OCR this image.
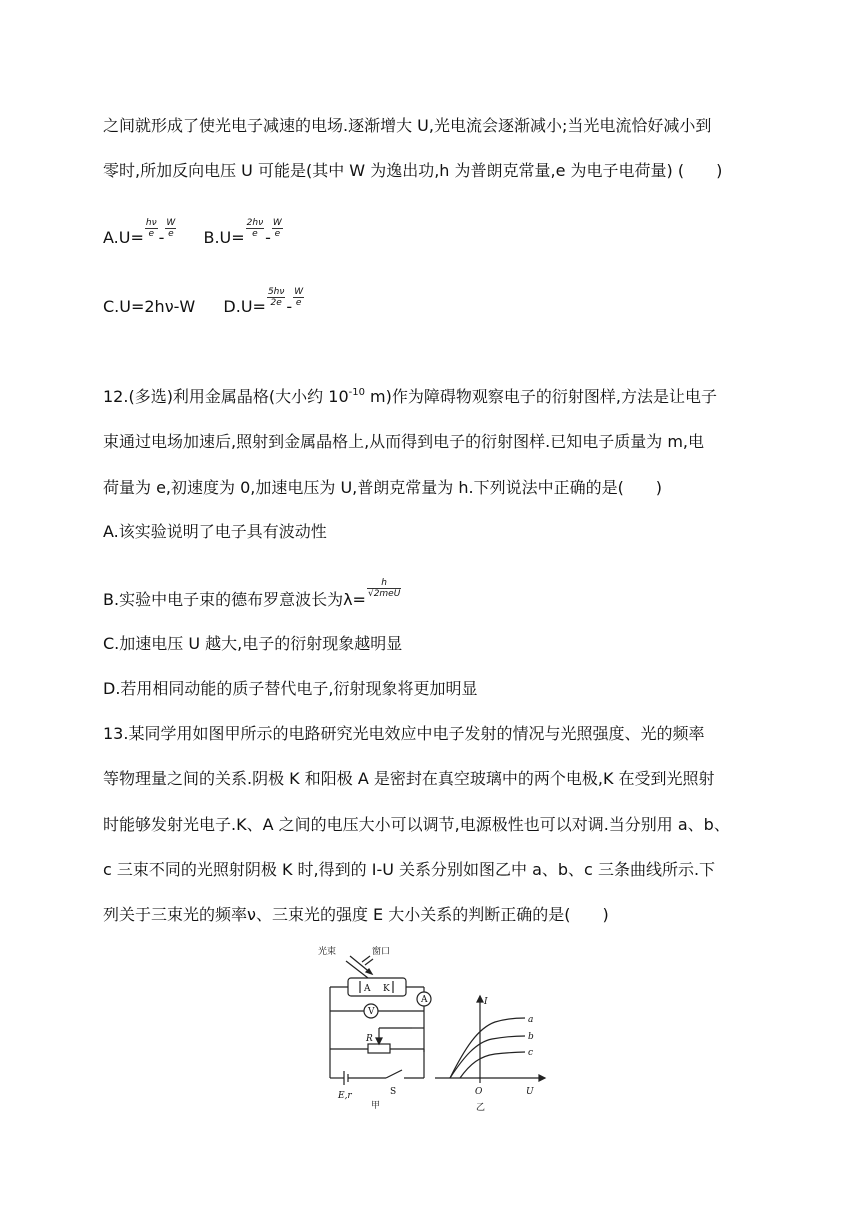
之间就形成了使光电子减速的电场.逐渐增大 U,光电流会逐渐减小;当光电流恰好减小到
零时,所加反向电压 U 可能是(其中 W 为逸出功,h 为普朗克常量,e 为电子电荷量) (　　)
$A.U= \frac{h\nu}{e} - \frac{W}{e} B.U= \frac{2h\nu}{e} - \frac{W}{e}$
C.U=2hν-W $D.U= \frac{5h\nu}{2e} - \frac{W}{e}$
12.(多选)利用金属晶格(大小约 $10^{-10}$ m)作为障碍物观察电子的衍射图样,方法是让电子
束通过电场加速后,照射到金属晶格上,从而得到电子的衍射图样.已知电子质量为 m,电
荷量为 e,初速度为 0,加速电压为 U,普朗克常量为 h.下列说法中正确的是(　　)
A.该实验说明了电子具有波动性
B.实验中电子束的德布罗意波长为λ=
$\frac{h}{\text{√2meU}}$
C.加速电压 U 越大,电子的衍射现象越明显
D.若用相同动能的质子替代电子,衍射现象将更加明显
13.某同学用如图甲所示的电路研究光电效应中电子发射的情况与光照强度、光的频率
等物理量之间的关系.阴极 K 和阳极 A 是密封在真空玻璃中的两个电极,K 在受到光照射
时能够发射光电子.K、A 之间的电压大小可以调节,电源极性也可以对调.当分别用 a、b、
c 三束不同的光照射阴极 K 时,得到的 I-U 关系分别如图乙中 a、b、c 三条曲线所示.下
列关于三束光的频率ν、三束光的强度 E 大小关系的判断正确的是(　　)
光束	窗口
A K
A
V
R
E,r	S
甲
I
U
O
a
b
c
乙
